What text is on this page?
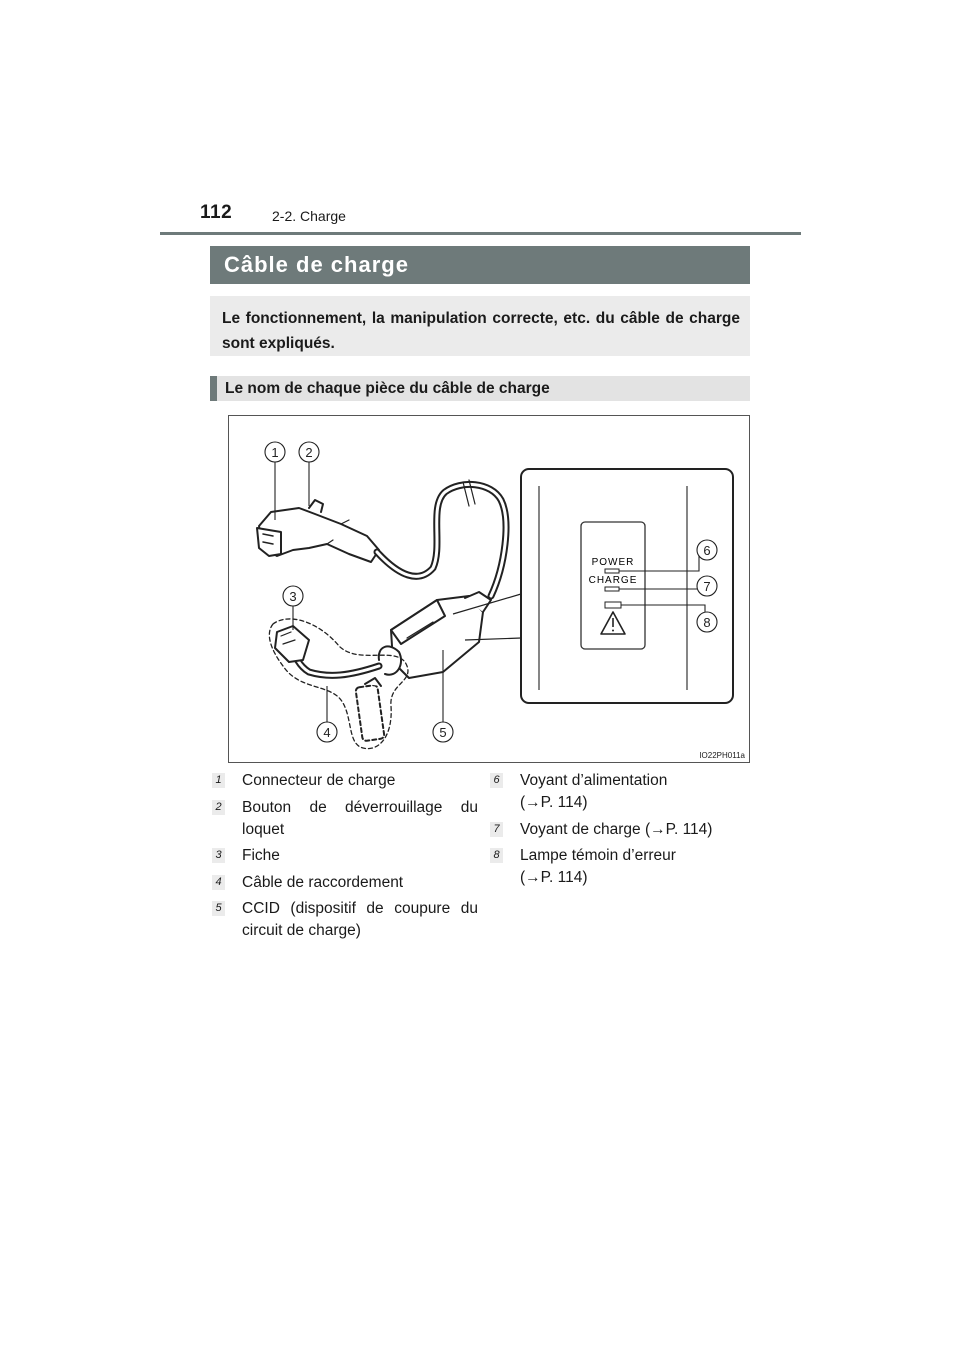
112	2-2. Charge
Câble de charge
Le fonctionnement, la manipulation correcte, etc. du câble de charge sont expliqués.
Le nom de chaque pièce du câble de charge
POWER
CHARGE
1 2
3
4	5
6
7
8
IO22PH011a
1 Connecteur de charge
2 Bouton de déverrouillage du
loquet
3 Fiche
4 Câble de raccordement
5 CCID (dispositif de coupure du
circuit de charge)
6 Voyant d’alimentation
(→P. 114)
7 Voyant de charge (→P. 114)
8 Lampe témoin d’erreur
(→P. 114)
